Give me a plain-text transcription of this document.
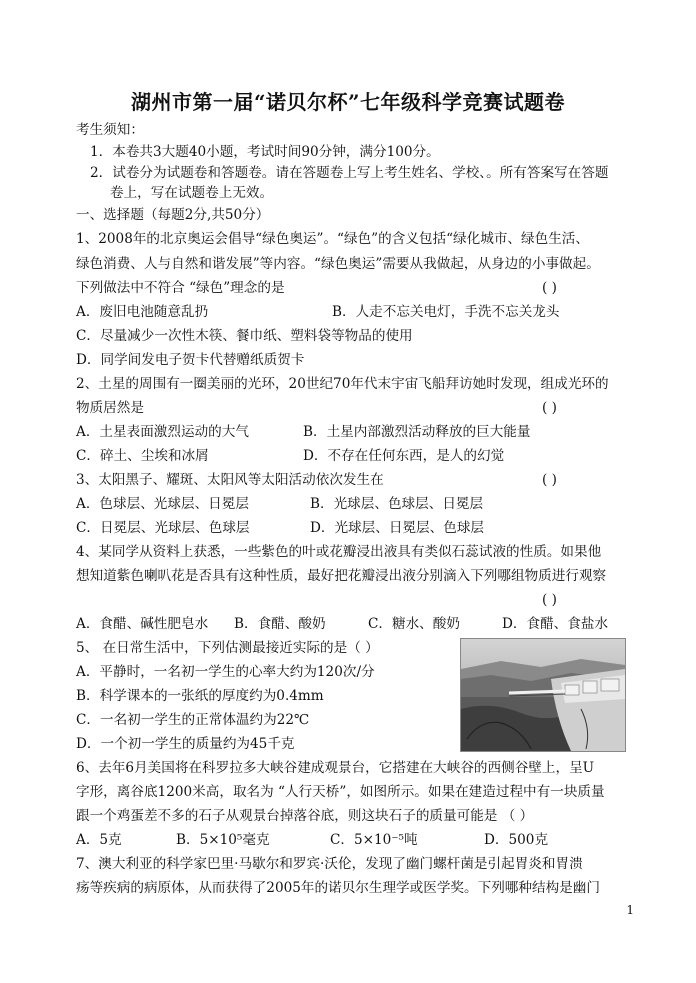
湖州市第一届“诺贝尔杯”七年级科学竞赛试题卷
考生须知：
1．本卷共3大题40小题，考试时间90分钟，满分100分。
2．试卷分为试题卷和答题卷。请在答题卷上写上考生姓名、学校、。所有答案写在答题
卷上，写在试题卷上无效。
一、选择题（每题2分,共50分）
1、2008年的北京奥运会倡导“绿色奥运”。“绿色”的含义包括“绿化城市、绿色生活、
绿色消费、人与自然和谐发展”等内容。“绿色奥运”需要从我做起，从身边的小事做起。
下列做法中不符合 “绿色”理念的是	( )
A．废旧电池随意乱扔	B．人走不忘关电灯，手洗不忘关龙头
C．尽量减少一次性木筷、餐巾纸、塑料袋等物品的使用
D．同学间发电子贺卡代替赠纸质贺卡
2、土星的周围有一圈美丽的光环，20世纪70年代末宇宙飞船拜访她时发现，组成光环的
物质居然是	( )
A．土星表面激烈运动的大气	B．土星内部激烈活动释放的巨大能量
C．碎土、尘埃和冰屑	D．不存在任何东西，是人的幻觉
3、太阳黑子、耀斑、太阳风等太阳活动依次发生在	( )
A．色球层、光球层、日冕层	B．光球层、色球层、日冕层
C．日冕层、光球层、色球层	D．光球层、日冕层、色球层
4、某同学从资料上获悉，一些紫色的叶或花瓣浸出液具有类似石蕊试液的性质。如果他
想知道紫色喇叭花是否具有这种性质，最好把花瓣浸出液分别滴入下列哪组物质进行观察
( )
A．食醋、碱性肥皂水 B．食醋、酸奶	C．糖水、酸奶	D．食醋、食盐水
5、 在日常生活中，下列估测最接近实际的是（ ）
A．平静时，一名初一学生的心率大约为120次/分
B．科学课本的一张纸的厚度约为0.4mm
C．一名初一学生的正常体温约为22℃
D．一个初一学生的质量约为45千克
6、去年6月美国将在科罗拉多大峡谷建成观景台，它搭建在大峡谷的西侧谷壁上，呈U
字形，离谷底1200米高，取名为 “人行天桥”，如图所示。如果在建造过程中有一块质量
跟一个鸡蛋差不多的石子从观景台掉落谷底，则这块石子的质量可能是 （ ）
A．5克	B．5×10⁵毫克	C．5×10⁻⁵吨	D．500克
7、澳大利亚的科学家巴里·马歇尔和罗宾·沃伦，发现了幽门螺杆菌是引起胃炎和胃溃
疡等疾病的病原体，从而获得了2005年的诺贝尔生理学或医学奖。下列哪种结构是幽门
1
